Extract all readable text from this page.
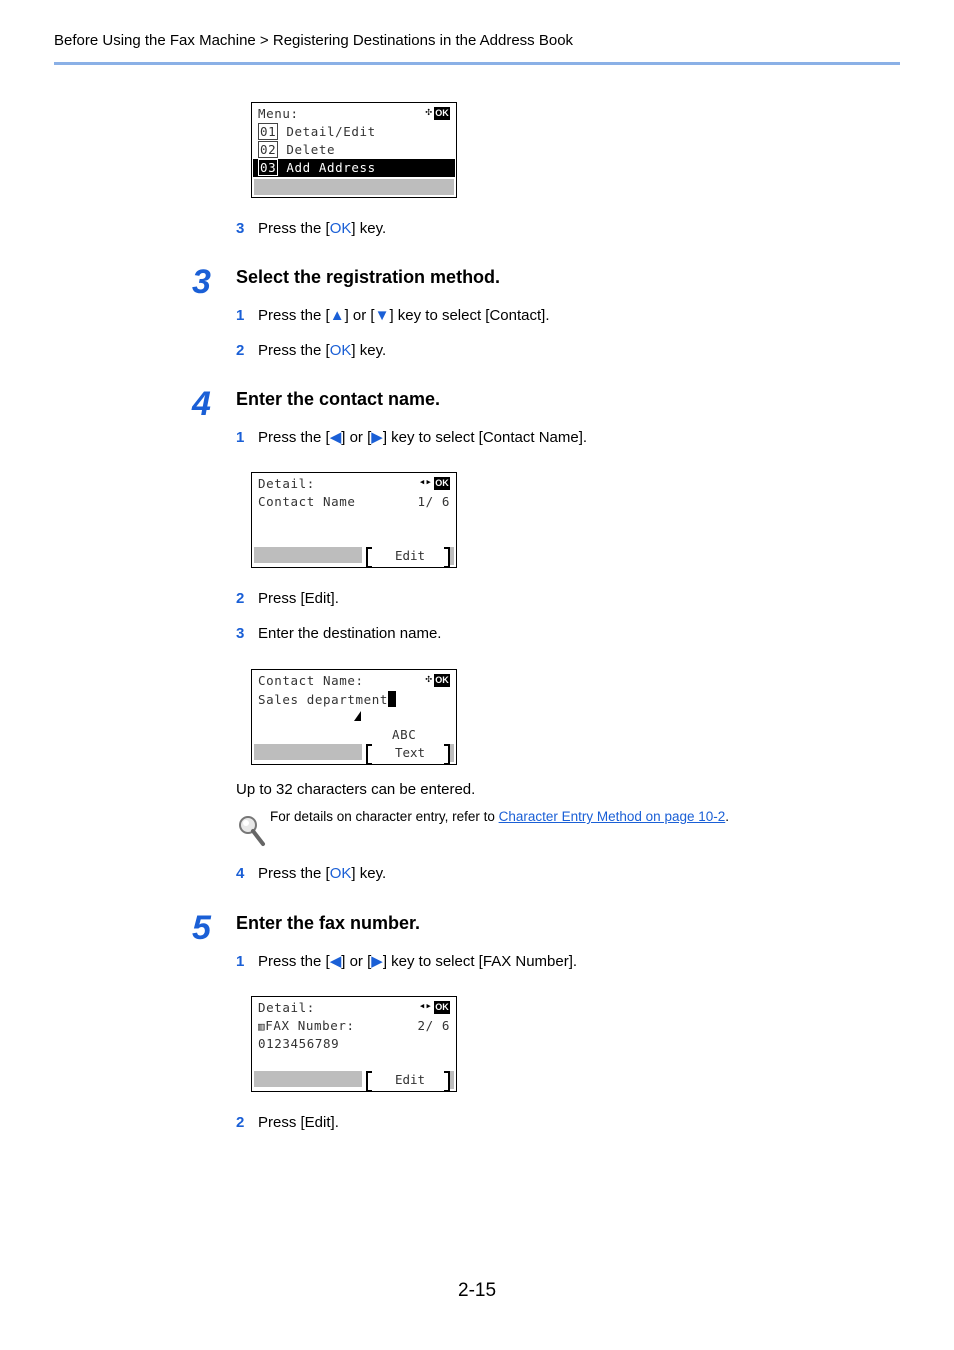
Before Using the Fax Machine > Registering Destinations in the Address Book
Menu:	✣ OK
01 Detail/Edit
02 Delete
03 Add Address
3 Press the [OK] key.
3 Select the registration method.
1 Press the [▲] or [▼] key to select [Contact].
2 Press the [OK] key.
4 Enter the contact name.
1 Press the [◀] or [▶] key to select [Contact Name].
Detail:	◂▸ OK
Contact Name	1/ 6
Edit
2 Press [Edit].
3 Enter the destination name.
Contact Name:	✣ OK
Sales department
ABC
Text
Up to 32 characters can be entered.
For details on character entry, refer to Character Entry Method on page 10-2.
4 Press the [OK] key.
5 Enter the fax number.
1 Press the [◀] or [▶] key to select [FAX Number].
Detail:	◂▸ OK
▥FAX Number:	2/ 6
0123456789
Edit
2 Press [Edit].
2-15
